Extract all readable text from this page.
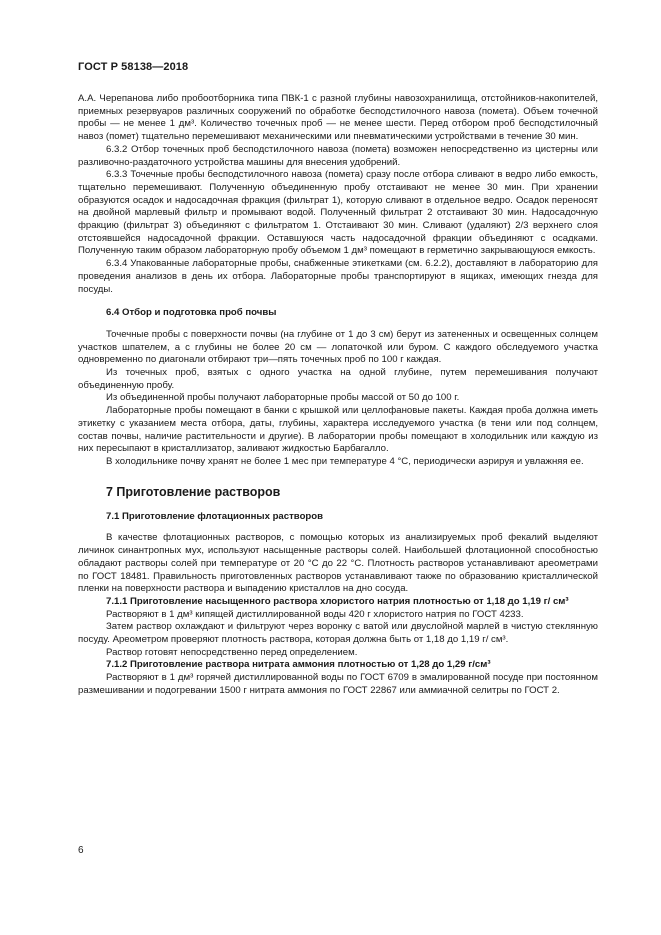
ГОСТ Р 58138—2018

А.А. Черепанова либо пробоотборника типа ПВК-1 с разной глубины навозохранилища, отстойников-накопителей, приемных резервуаров различных сооружений по обработке бесподстилочного навоза (помета). Объем точечной пробы — не менее 1 дм³. Количество точечных проб — не менее шести. Перед отбором проб бесподстилочный навоз (помет) тщательно перемешивают механическими или пневматическими устройствами в течение 30 мин.

6.3.2 Отбор точечных проб бесподстилочного навоза (помета) возможен непосредственно из цистерны или разливочно-раздаточного устройства машины для внесения удобрений.

6.3.3 Точечные пробы бесподстилочного навоза (помета) сразу после отбора сливают в ведро либо емкость, тщательно перемешивают. Полученную объединенную пробу отстаивают не менее 30 мин. При хранении образуются осадок и надосадочная фракция (фильтрат 1), которую сливают в отдельное ведро. Осадок переносят на двойной марлевый фильтр и промывают водой. Полученный фильтрат 2 отстаивают 30 мин. Надосадочную фракцию (фильтрат 3) объединяют с фильтратом 1. Отстаивают 30 мин. Сливают (удаляют) 2/3 верхнего слоя отстоявшейся надосадочной фракции. Оставшуюся часть надосадочной фракции объединяют с осадками. Полученную таким образом лабораторную пробу объемом 1 дм³ помещают в герметично закрывающуюся емкость.

6.3.4 Упакованные лабораторные пробы, снабженные этикетками (см. 6.2.2), доставляют в лабораторию для проведения анализов в день их отбора. Лабораторные пробы транспортируют в ящиках, имеющих гнезда для посуды.

6.4 Отбор и подготовка проб почвы

Точечные пробы с поверхности почвы (на глубине от 1 до 3 см) берут из затененных и освещенных солнцем участков шпателем, а с глубины не более 20 см — лопаточкой или буром. С каждого обследуемого участка одновременно по диагонали отбирают три—пять точечных проб по 100 г каждая.

Из точечных проб, взятых с одного участка на одной глубине, путем перемешивания получают объединенную пробу.

Из объединенной пробы получают лабораторные пробы массой от 50 до 100 г.

Лабораторные пробы помещают в банки с крышкой или целлофановые пакеты. Каждая проба должна иметь этикетку с указанием места отбора, даты, глубины, характера исследуемого участка (в тени или под солнцем, состав почвы, наличие растительности и другие). В лаборатории пробы помещают в холодильник или каждую из них пересыпают в кристаллизатор, заливают жидкостью Барбагалло.

В холодильнике почву хранят не более 1 мес при температуре 4 °С, периодически аэрируя и увлажняя ее.

7 Приготовление растворов

7.1 Приготовление флотационных растворов

В качестве флотационных растворов, с помощью которых из анализируемых проб фекалий выделяют личинок синантропных мух, используют насыщенные растворы солей. Наибольшей флотационной способностью обладают растворы солей при температуре от 20 °С до 22 °С. Плотность растворов устанавливают ареометрами по ГОСТ 18481. Правильность приготовленных растворов устанавливают также по образованию кристаллической пленки на поверхности раствора и выпадению кристаллов на дно сосуда.

7.1.1 Приготовление насыщенного раствора хлористого натрия плотностью от 1,18 до 1,19 г/ см³

Растворяют в 1 дм³ кипящей дистиллированной воды 420 г хлористого натрия по ГОСТ 4233.

Затем раствор охлаждают и фильтруют через воронку с ватой или двуслойной марлей в чистую стеклянную посуду. Ареометром проверяют плотность раствора, которая должна быть от 1,18 до 1,19 г/ см³.

Раствор готовят непосредственно перед определением.

7.1.2 Приготовление раствора нитрата аммония плотностью от 1,28 до 1,29 г/см³

Растворяют в 1 дм³ горячей дистиллированной воды по ГОСТ 6709 в эмалированной посуде при постоянном размешивании и подогревании 1500 г нитрата аммония по ГОСТ 22867 или аммиачной селитры по ГОСТ 2.

6
